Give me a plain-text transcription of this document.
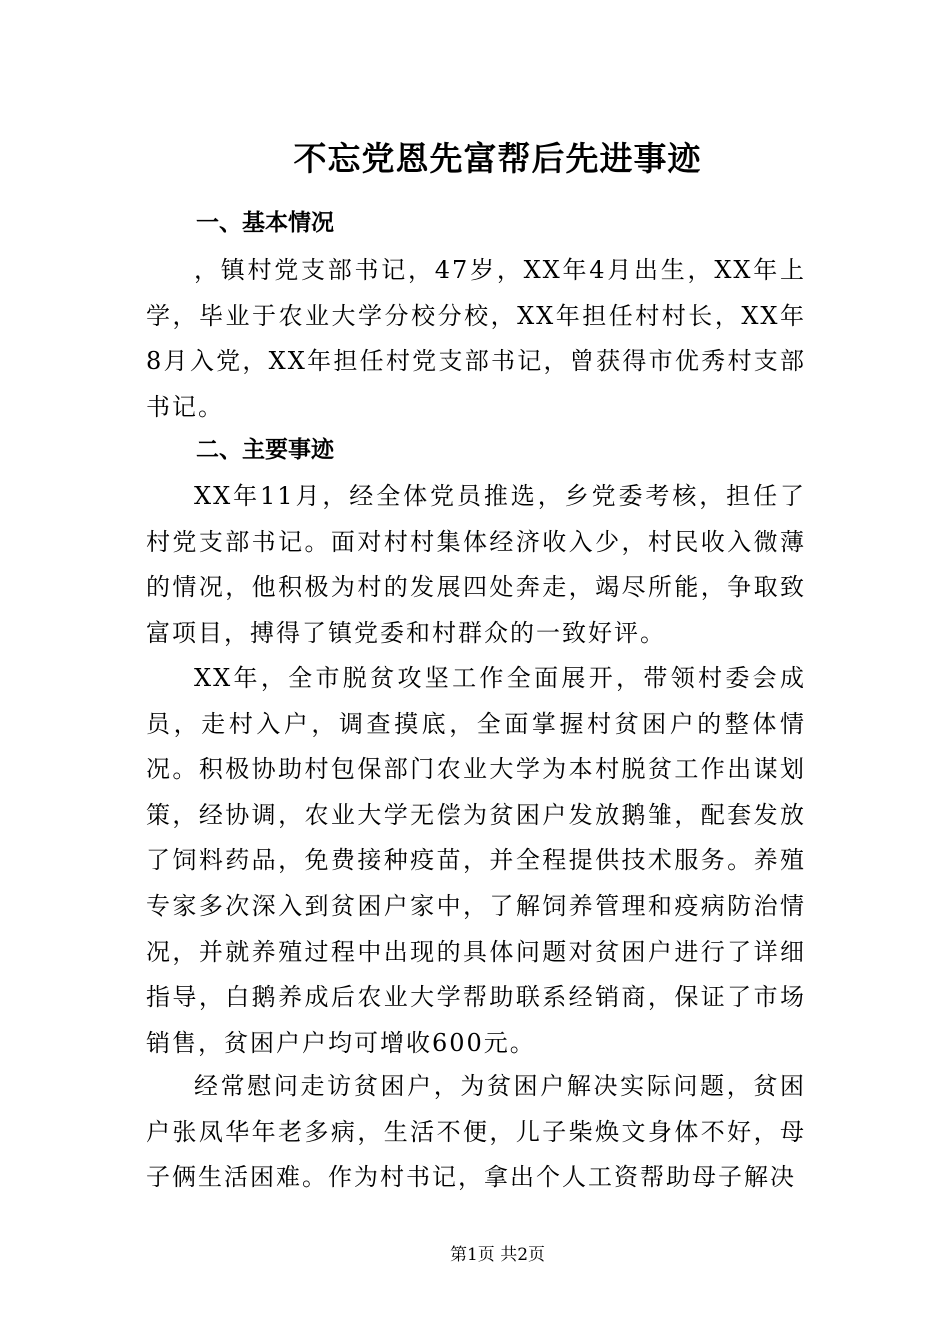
不忘党恩先富帮后先进事迹
一、基本情况

，镇村党支部书记，47岁，XX年4月出生，XX年上学，毕业于农业大学分校分校，XX年担任村村长，XX年8月入党，XX年担任村党支部书记，曾获得市优秀村支部书记。

二、主要事迹

XX年11月，经全体党员推选，乡党委考核，担任了村党支部书记。面对村村集体经济收入少，村民收入微薄的情况，他积极为村的发展四处奔走，竭尽所能，争取致富项目，搏得了镇党委和村群众的一致好评。

XX年，全市脱贫攻坚工作全面展开，带领村委会成员，走村入户，调查摸底，全面掌握村贫困户的整体情况。积极协助村包保部门农业大学为本村脱贫工作出谋划策，经协调，农业大学无偿为贫困户发放鹅雏，配套发放了饲料药品，免费接种疫苗，并全程提供技术服务。养殖专家多次深入到贫困户家中，了解饲养管理和疫病防治情况，并就养殖过程中出现的具体问题对贫困户进行了详细指导，白鹅养成后农业大学帮助联系经销商，保证了市场销售，贫困户户均可增收600元。

经常慰问走访贫困户，为贫困户解决实际问题，贫困户张凤华年老多病，生活不便，儿子柴焕文身体不好，母子俩生活困难。作为村书记，拿出个人工资帮助母子解决

第1页 共2页
